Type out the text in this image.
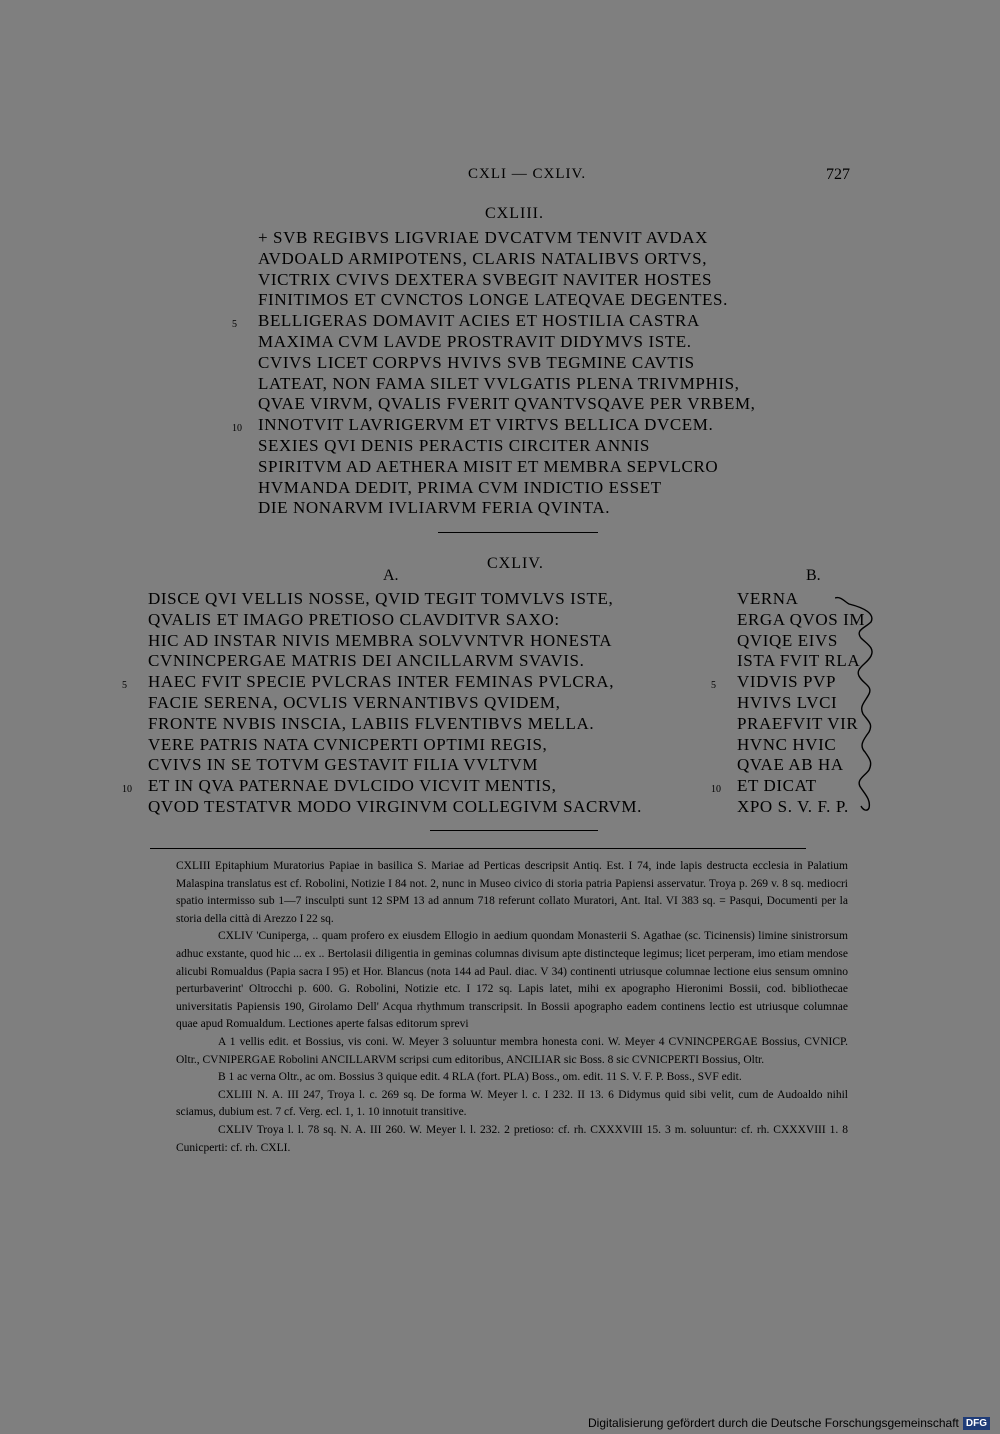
CXLI — CXLIV.	727
CXLIII.
+ SVB REGIBVS LIGVRIAE DVCATVM TENVIT AVDAX
AVDOALD ARMIPOTENS, CLARIS NATALIBVS ORTVS,
VICTRIX CVIVS DEXTERA SVBEGIT NAVITER HOSTES
FINITIMOS ET CVNCTOS LONGE LATEQVAE DEGENTES.
5 BELLIGERAS DOMAVIT ACIES ET HOSTILIA CASTRA
MAXIMA CVM LAVDE PROSTRAVIT DIDYMVS ISTE.
CVIVS LICET CORPVS HVIVS SVB TEGMINE CAVTIS
LATEAT, NON FAMA SILET VVLGATIS PLENA TRIVMPHIS,
QVAE VIRVM, QVALIS FVERIT QVANTVSQAVE PER VRBEM,
10 INNOTVIT LAVRIGERVM ET VIRTVS BELLICA DVCEM.
SEXIES QVI DENIS PERACTIS CIRCITER ANNIS
SPIRITVM AD AETHERA MISIT ET MEMBRA SEPVLCRO
HVMANDA DEDIT, PRIMA CVM INDICTIO ESSET
DIE NONARVM IVLIARVM FERIA QVINTA.
CXLIV.
A.	B.
DISCE QVI VELLIS NOSSE, QVID TEGIT TOMVLVS ISTE,
QVALIS ET IMAGO PRETIOSO CLAVDITVR SAXO:
HIC AD INSTAR NIVIS MEMBRA SOLVVNTVR HONESTA
CVNINCPERGAE MATRIS DEI ANCILLARVM SVAVIS.
5 HAEC FVIT SPECIE PVLCRAS INTER FEMINAS PVLCRA,
FACIE SERENA, OCVLIS VERNANTIBVS QVIDEM,
FRONTE NVBIS INSCIA, LABIIS FLVENTIBVS MELLA.
VERE PATRIS NATA CVNICPERTI OPTIMI REGIS,
CVIVS IN SE TOTVM GESTAVIT FILIA VVLTVM
10 ET IN QVA PATERNAE DVLCIDO VICVIT MENTIS,
QVOD TESTATVR MODO VIRGINVM COLLEGIVM SACRVM.
VERNA
ERGA QVOS IM
QVIQE EIVS
ISTA FVIT RLA
5 VIDVIS PVP
HVIVS LVCI
PRAEFVIT VIR
HVNC HVIC
QVAE AB HA
10 ET DICAT
XPO S. V. F. P.

CXLIII Epitaphium Muratorius Papiae in basilica S. Mariae ad Perticas descripsit Antiq. Est. I 74, inde lapis destructa ecclesia in Palatium Malaspina translatus est cf. Robolini, Notizie I 84 not. 2, nunc in Museo civico di storia patria Papiensi asservatur. Troya p. 269 v. 8 sq. mediocri spatio intermisso sub 1—7 insculpti sunt 12 SPM 13 ad annum 718 referunt collato Muratori, Ant. Ital. VI 383 sq. = Pasqui, Documenti per la storia della città di Arezzo I 22 sq.

CXLIV 'Cuniperga, .. quam profero ex eiusdem Ellogio in aedium quondam Monasterii S. Agathae (sc. Ticinensis) limine sinistrorsum adhuc exstante, quod hic ... ex .. Bertolasii diligentia in geminas columnas divisum apte distincteque legimus; licet perperam, imo etiam mendose alicubi Romualdus (Papia sacra I 95) et Hor. Blancus (nota 144 ad Paul. diac. V 34) continenti utriusque columnae lectione eius sensum omnino perturbaverint' Oltrocchi p. 600. G. Robolini, Notizie etc. I 172 sq. Lapis latet, mihi ex apographo Hieronimi Bossii, cod. bibliothecae universitatis Papiensis 190, Girolamo Dell' Acqua rhythmum transcripsit. In Bossii apographo eadem continens lectio est utriusque columnae quae apud Romualdum. Lectiones aperte falsas editorum sprevi

A 1 vellis edit. et Bossius, vis coni. W. Meyer 3 soluuntur membra honesta coni. W. Meyer 4 CVNINCPERGAE Bossius, CVNICP. Oltr., CVNIPERGAE Robolini ANCILLARVM scripsi cum editoribus, ANCILIAR sic Boss. 8 sic CVNICPERTI Bossius, Oltr.

B 1 ac verna Oltr., ac om. Bossius 3 quique edit. 4 RLA (fort. PLA) Boss., om. edit. 11 S. V. F. P. Boss., SVF edit.

CXLIII N. A. III 247, Troya l. c. 269 sq. De forma W. Meyer l. c. I 232. II 13. 6 Didymus quid sibi velit, cum de Audoaldo nihil sciamus, dubium est. 7 cf. Verg. ecl. 1, 1. 10 innotuit transitive.

CXLIV Troya l. l. 78 sq. N. A. III 260. W. Meyer l. l. 232. 2 pretioso: cf. rh. CXXXVIII 15. 3 m. soluuntur: cf. rh. CXXXVIII 1. 8 Cunicperti: cf. rh. CXLI.

Digitalisierung gefördert durch die Deutsche Forschungsgemeinschaft DFG
